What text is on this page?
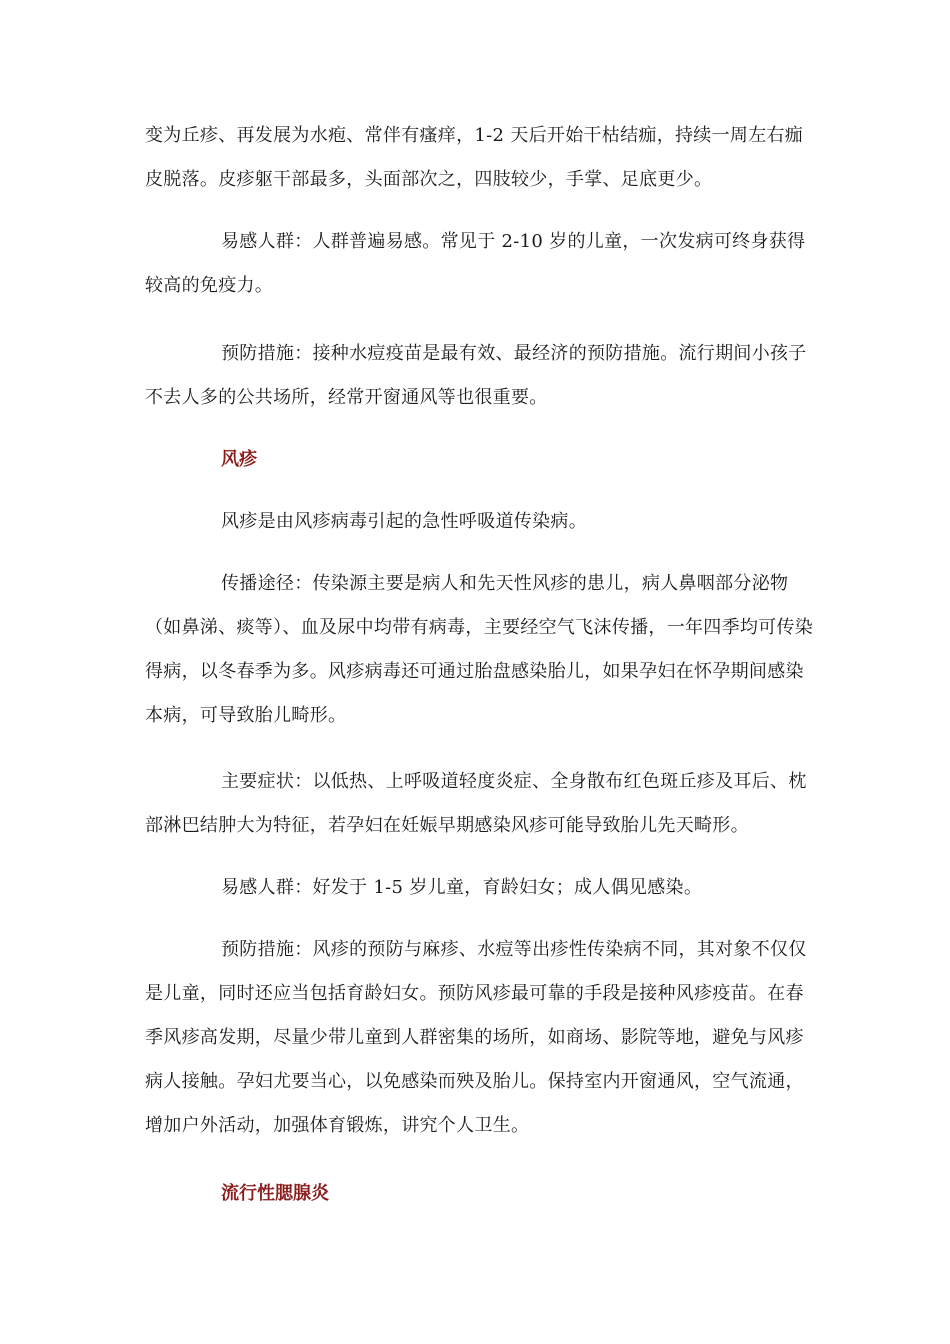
变为丘疹、再发展为水疱、常伴有瘙痒，1-2 天后开始干枯结痂，持续一周左右痂皮脱落。皮疹躯干部最多，头面部次之，四肢较少，手掌、足底更少。

易感人群：人群普遍易感。常见于 2-10 岁的儿童，一次发病可终身获得较高的免疫力。

预防措施：接种水痘疫苗是最有效、最经济的预防措施。流行期间小孩子不去人多的公共场所，经常开窗通风等也很重要。

风疹

风疹是由风疹病毒引起的急性呼吸道传染病。

传播途径：传染源主要是病人和先天性风疹的患儿，病人鼻咽部分泌物（如鼻涕、痰等）、血及尿中均带有病毒，主要经空气飞沫传播，一年四季均可传染得病，以冬春季为多。风疹病毒还可通过胎盘感染胎儿，如果孕妇在怀孕期间感染本病，可导致胎儿畸形。

主要症状：以低热、上呼吸道轻度炎症、全身散布红色斑丘疹及耳后、枕部淋巴结肿大为特征，若孕妇在妊娠早期感染风疹可能导致胎儿先天畸形。

易感人群：好发于 1-5 岁儿童，育龄妇女；成人偶见感染。

预防措施：风疹的预防与麻疹、水痘等出疹性传染病不同，其对象不仅仅是儿童，同时还应当包括育龄妇女。预防风疹最可靠的手段是接种风疹疫苗。在春季风疹高发期，尽量少带儿童到人群密集的场所，如商场、影院等地，避免与风疹病人接触。孕妇尤要当心，以免感染而殃及胎儿。保持室内开窗通风，空气流通，增加户外活动，加强体育锻炼，讲究个人卫生。

流行性腮腺炎
